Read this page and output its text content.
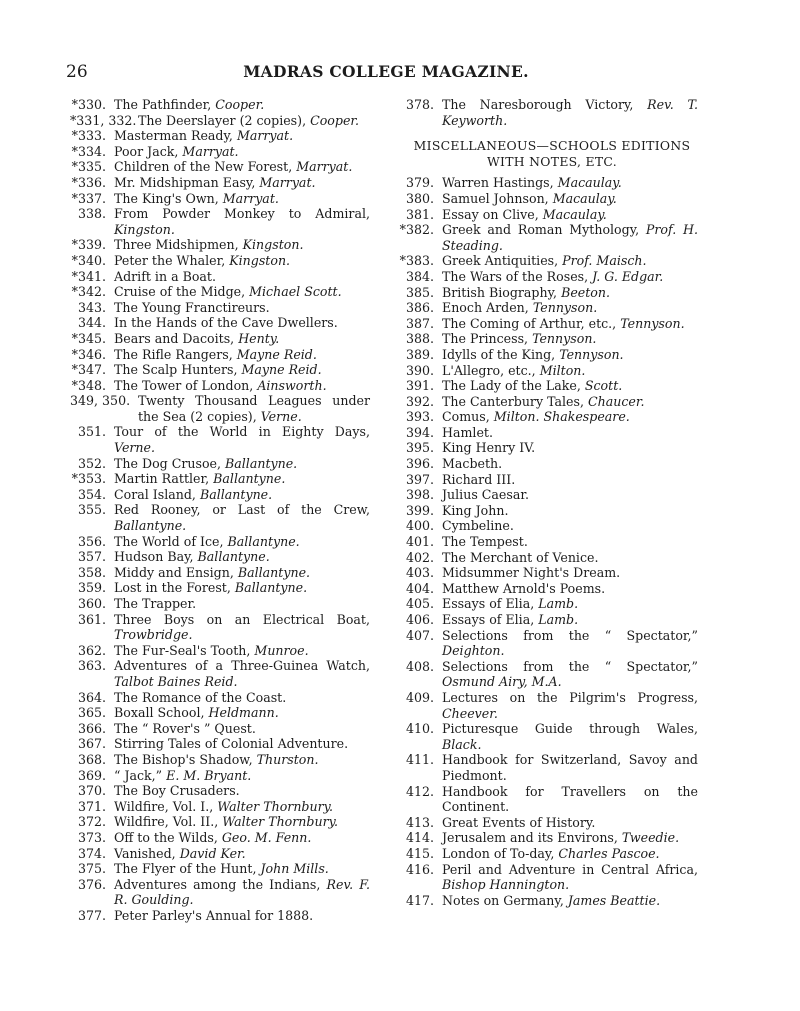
26	MADRAS COLLEGE MAGAZINE.
*330. The Pathfinder, Cooper.
*331, 332. The Deerslayer (2 copies), Cooper.
*333. Masterman Ready, Marryat.
*334. Poor Jack, Marryat.
*335. Children of the New Forest, Marryat.
*336. Mr. Midshipman Easy, Marryat.
*337. The King's Own, Marryat.
338. From Powder Monkey to Admiral, Kingston.
*339. Three Midshipmen, Kingston.
*340. Peter the Whaler, Kingston.
*341. Adrift in a Boat.
*342. Cruise of the Midge, Michael Scott.
343. The Young Franctireurs.
344. In the Hands of the Cave Dwellers.
*345. Bears and Dacoits, Henty.
*346. The Rifle Rangers, Mayne Reid.
*347. The Scalp Hunters, Mayne Reid.
*348. The Tower of London, Ainsworth.
349, 350. Twenty Thousand Leagues under the Sea (2 copies), Verne.
351. Tour of the World in Eighty Days, Verne.
352. The Dog Crusoe, Ballantyne.
*353. Martin Rattler, Ballantyne.
354. Coral Island, Ballantyne.
355. Red Rooney, or Last of the Crew, Ballantyne.
356. The World of Ice, Ballantyne.
357. Hudson Bay, Ballantyne.
358. Middy and Ensign, Ballantyne.
359. Lost in the Forest, Ballantyne.
360. The Trapper.
361. Three Boys on an Electrical Boat, Trowbridge.
362. The Fur-Seal's Tooth, Munroe.
363. Adventures of a Three-Guinea Watch, Talbot Baines Reid.
364. The Romance of the Coast.
365. Boxall School, Heldmann.
366. The “ Rover's ” Quest.
367. Stirring Tales of Colonial Adventure.
368. The Bishop's Shadow, Thurston.
369. “ Jack,” E. M. Bryant.
370. The Boy Crusaders.
371. Wildfire, Vol. I., Walter Thornbury.
372. Wildfire, Vol. II., Walter Thornbury.
373. Off to the Wilds, Geo. M. Fenn.
374. Vanished, David Ker.
375. The Flyer of the Hunt, John Mills.
376. Adventures among the Indians, Rev. F. R. Goulding.
377. Peter Parley's Annual for 1888.
378. The Naresborough Victory, Rev. T. Keyworth.
MISCELLANEOUS—SCHOOLS EDITIONS WITH NOTES, ETC.
379. Warren Hastings, Macaulay.
380. Samuel Johnson, Macaulay.
381. Essay on Clive, Macaulay.
*382. Greek and Roman Mythology, Prof. H. Steading.
*383. Greek Antiquities, Prof. Maisch.
384. The Wars of the Roses, J. G. Edgar.
385. British Biography, Beeton.
386. Enoch Arden, Tennyson.
387. The Coming of Arthur, etc., Tennyson.
388. The Princess, Tennyson.
389. Idylls of the King, Tennyson.
390. L'Allegro, etc., Milton.
391. The Lady of the Lake, Scott.
392. The Canterbury Tales, Chaucer.
393. Comus, Milton. Shakespeare.
394. Hamlet.
395. King Henry IV.
396. Macbeth.
397. Richard III.
398. Julius Caesar.
399. King John.
400. Cymbeline.
401. The Tempest.
402. The Merchant of Venice.
403. Midsummer Night's Dream.
404. Matthew Arnold's Poems.
405. Essays of Elia, Lamb.
406. Essays of Elia, Lamb.
407. Selections from the “ Spectator,” Deighton.
408. Selections from the “ Spectator,” Osmund Airy, M.A.
409. Lectures on the Pilgrim's Progress, Cheever.
410. Picturesque Guide through Wales, Black.
411. Handbook for Switzerland, Savoy and Piedmont.
412. Handbook for Travellers on the Continent.
413. Great Events of History.
414. Jerusalem and its Environs, Tweedie.
415. London of To-day, Charles Pascoe.
416. Peril and Adventure in Central Africa, Bishop Hannington.
417. Notes on Germany, James Beattie.
